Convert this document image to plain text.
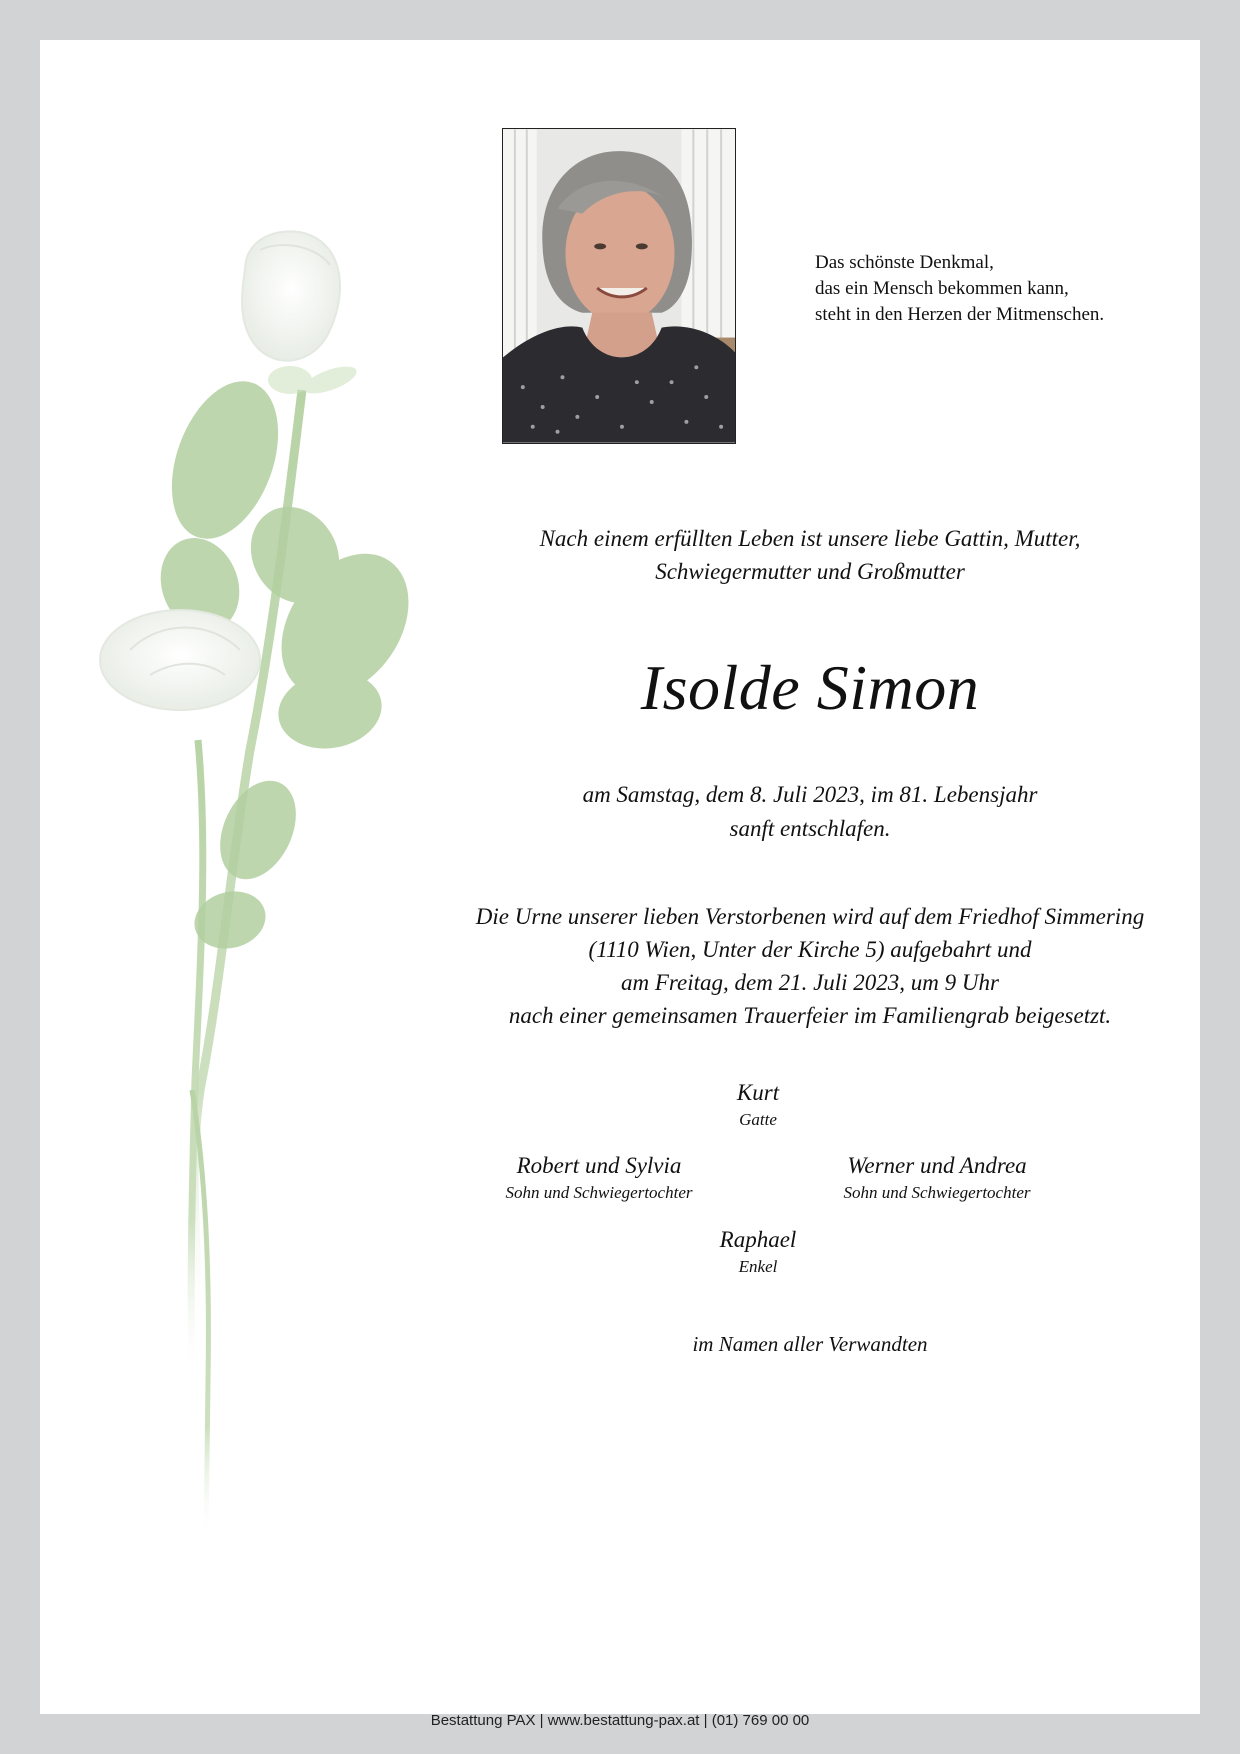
Das schönste Denkmal,
das ein Mensch bekommen kann,
steht in den Herzen der Mitmenschen.
Nach einem erfüllten Leben ist unsere liebe Gattin, Mutter,
Schwiegermutter und Großmutter
Isolde Simon
am Samstag, dem 8. Juli 2023, im 81. Lebensjahr
sanft entschlafen.
Die Urne unserer lieben Verstorbenen wird auf dem Friedhof Simmering
(1110 Wien, Unter der Kirche 5) aufgebahrt und
am Freitag, dem 21. Juli 2023, um 9 Uhr
nach einer gemeinsamen Trauerfeier im Familiengrab beigesetzt.
Kurt
Gatte
Robert und Sylvia
Sohn und Schwiegertochter
Werner und Andrea
Sohn und Schwiegertochter
Raphael
Enkel
im Namen aller Verwandten
Bestattung PAX | www.bestattung-pax.at | (01) 769 00 00
